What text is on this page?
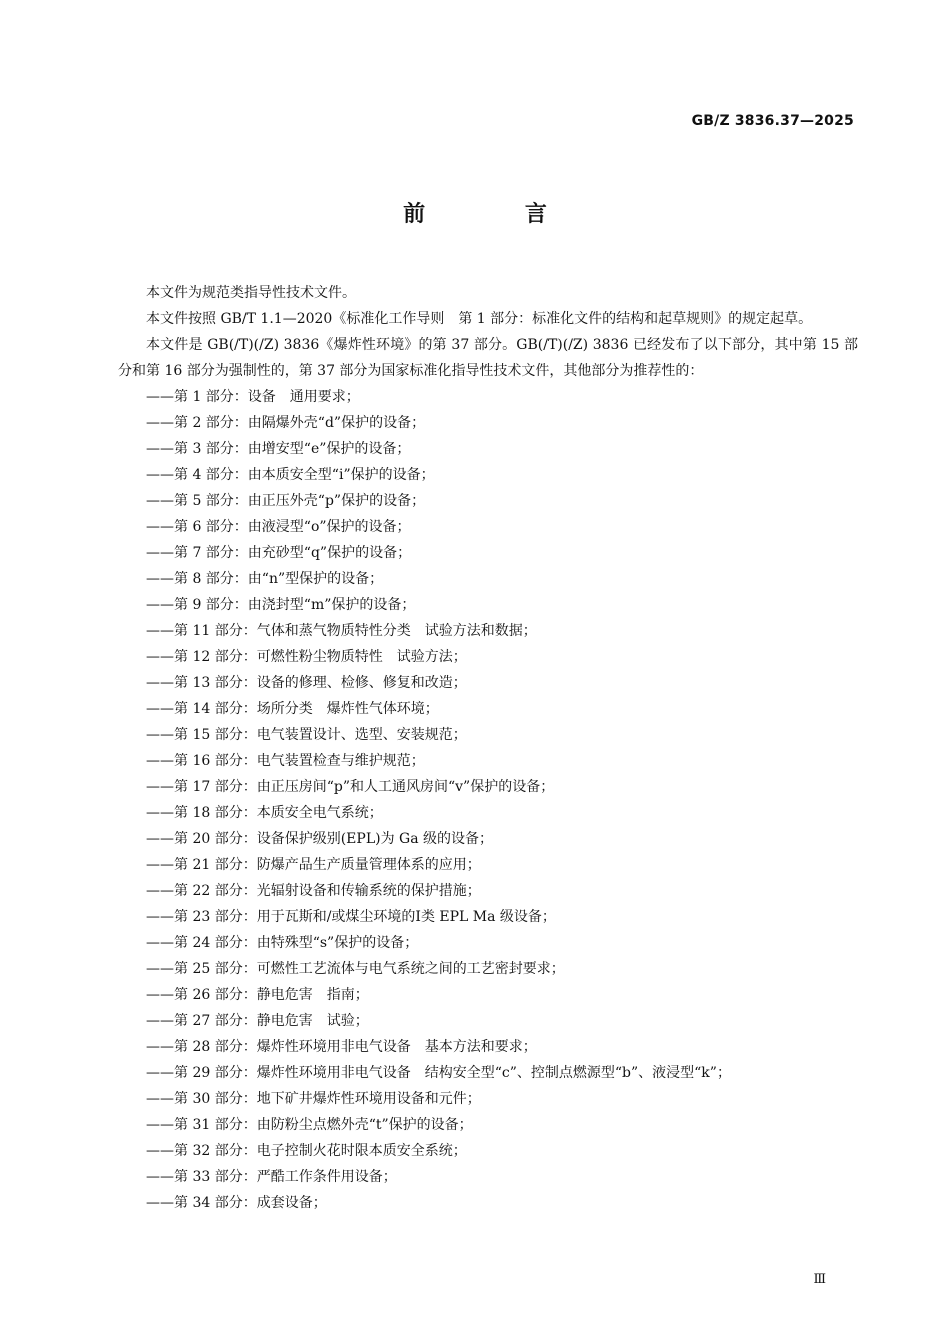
GB/Z 3836.37—2025
前 言

本文件为规范类指导性技术文件。

本文件按照 GB/T 1.1—2020《标准化工作导则　第 1 部分：标准化文件的结构和起草规则》的规定起草。

本文件是 GB(/T)(/Z) 3836《爆炸性环境》的第 37 部分。GB(/T)(/Z) 3836 已经发布了以下部分，其中第 15 部分和第 16 部分为强制性的，第 37 部分为国家标准化指导性技术文件，其他部分为推荐性的：

——第 1 部分：设备　通用要求；
——第 2 部分：由隔爆外壳“d”保护的设备；
——第 3 部分：由增安型“e”保护的设备；
——第 4 部分：由本质安全型“i”保护的设备；
——第 5 部分：由正压外壳“p”保护的设备；
——第 6 部分：由液浸型“o”保护的设备；
——第 7 部分：由充砂型“q”保护的设备；
——第 8 部分：由“n”型保护的设备；
——第 9 部分：由浇封型“m”保护的设备；
——第 11 部分：气体和蒸气物质特性分类　试验方法和数据；
——第 12 部分：可燃性粉尘物质特性　试验方法；
——第 13 部分：设备的修理、检修、修复和改造；
——第 14 部分：场所分类　爆炸性气体环境；
——第 15 部分：电气装置设计、选型、安装规范；
——第 16 部分：电气装置检查与维护规范；
——第 17 部分：由正压房间“p”和人工通风房间“v”保护的设备；
——第 18 部分：本质安全电气系统；
——第 20 部分：设备保护级别(EPL)为 Ga 级的设备；
——第 21 部分：防爆产品生产质量管理体系的应用；
——第 22 部分：光辐射设备和传输系统的保护措施；
——第 23 部分：用于瓦斯和/或煤尘环境的Ⅰ类 EPL Ma 级设备；
——第 24 部分：由特殊型“s”保护的设备；
——第 25 部分：可燃性工艺流体与电气系统之间的工艺密封要求；
——第 26 部分：静电危害　指南；
——第 27 部分：静电危害　试验；
——第 28 部分：爆炸性环境用非电气设备　基本方法和要求；
——第 29 部分：爆炸性环境用非电气设备　结构安全型“c”、控制点燃源型“b”、液浸型“k”；
——第 30 部分：地下矿井爆炸性环境用设备和元件；
——第 31 部分：由防粉尘点燃外壳“t”保护的设备；
——第 32 部分：电子控制火花时限本质安全系统；
——第 33 部分：严酷工作条件用设备；
——第 34 部分：成套设备；
Ⅲ
